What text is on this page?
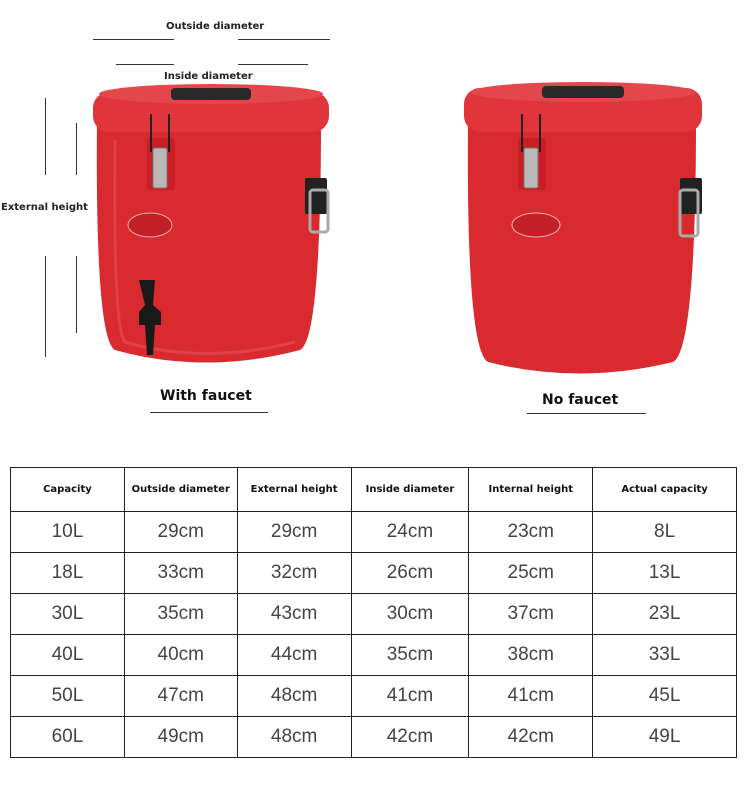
Outside diameter
Inside diameter
External height
With faucet	No faucet
Capacity	Outside diameter	External height	Inside diameter	Internal height	Actual capacity
10L	29cm	29cm	24cm	23cm	8L
18L	33cm	32cm	26cm	25cm	13L
30L	35cm	43cm	30cm	37cm	23L
40L	40cm	44cm	35cm	38cm	33L
50L	47cm	48cm	41cm	41cm	45L
60L	49cm	48cm	42cm	42cm	49L
